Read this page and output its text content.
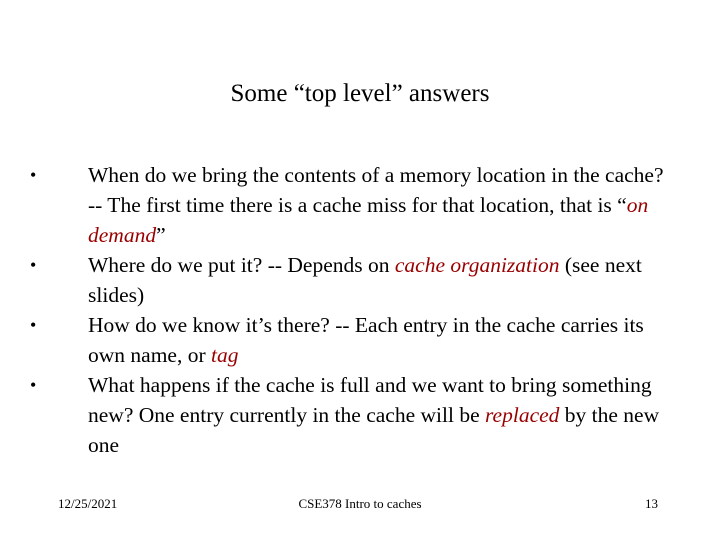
Some “top level” answers
•	When do we bring the contents of a memory location in the cache? -- The first time there is a cache miss for that location, that is “on demand”
•	Where do we put it? -- Depends on cache organization (see next slides)
•	How do we know it’s there? -- Each entry in the cache carries its own name, or tag
•	What happens if the cache is full and we want to bring something new? One entry currently in the cache will be replaced by the new one
12/25/2021	CSE378 Intro to caches	13
